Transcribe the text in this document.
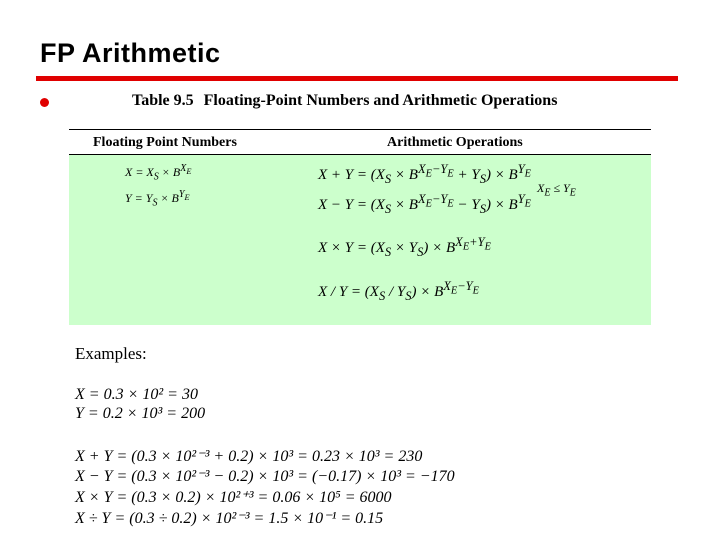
FP Arithmetic
Table 9.5 Floating-Point Numbers and Arithmetic Operations
Floating Point Numbers	Arithmetic Operations
$X = X_S \times B^{X_E}$
$Y = Y_S \times B^{Y_E}$
$X + Y = (X_S \times B^{X_E-Y_E} + Y_S) \times B^{Y_E}$
$X_E \le Y_E$
$X - Y = (X_S \times B^{X_E-Y_E} - Y_S) \times B^{Y_E}$
$X \times Y = (X_S \times Y_S) \times B^{X_E+Y_E}$
$X / Y = (X_S / Y_S) \times B^{X_E-Y_E}$
Examples:
X = 0.3 × 10² = 30
Y = 0.2 × 10³ = 200
X + Y = (0.3 × 10²⁻³ + 0.2) × 10³ = 0.23 × 10³ = 230
X − Y = (0.3 × 10²⁻³ − 0.2) × 10³ = (−0.17) × 10³ = −170
X × Y = (0.3 × 0.2) × 10²⁺³ = 0.06 × 10⁵ = 6000
X ÷ Y = (0.3 ÷ 0.2) × 10²⁻³ = 1.5 × 10⁻¹ = 0.15
